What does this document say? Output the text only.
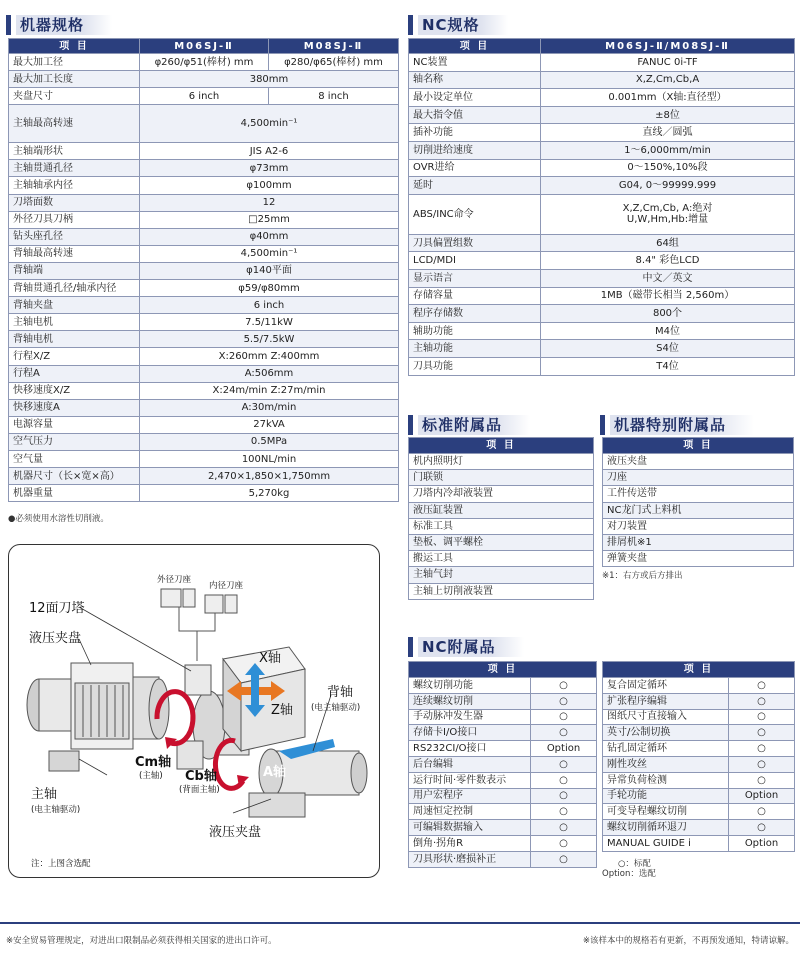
机器规格
项 目	M06SJ-Ⅱ	M08SJ-Ⅱ
最大加工径	φ260/φ51(棒材) mm	φ280/φ65(棒材) mm
最大加工长度	380mm	
夹盘尺寸	6 inch	8 inch
主轴最高转速	4,500min⁻¹	
主轴端形状	JIS A2-6	
主轴贯通孔径	φ73mm	
主轴轴承内径	φ100mm	
刀塔面数	12	
外径刀具刀柄	□25mm	
钻头座孔径	φ40mm	
背轴最高转速	4,500min⁻¹	
背轴端	φ140平面	
背轴贯通孔径/轴承内径	φ59/φ80mm	
背轴夹盘	6 inch	
主轴电机	7.5/11kW	
背轴电机	5.5/7.5kW	
行程X/Z	X:260mm Z:400mm	
行程A	A:506mm	
快移速度X/Z	X:24m/min Z:27m/min	
快移速度A	A:30m/min	
电源容量	27kVA	
空气压力	0.5MPa	
空气量	100NL/min	
机器尺寸（长×宽×高）	2,470×1,850×1,750mm	
机器重量	5,270kg	
●必须使用水溶性切削液。
NC规格
项 目	M06SJ-Ⅱ/M08SJ-Ⅱ
NC装置	FANUC 0i-TF
轴名称	X,Z,Cm,Cb,A
最小设定单位	0.001mm（X轴:直径型）
最大指令值	±8位
插补功能	直线／圆弧
切削进给速度	1〜6,000mm/min
OVR进给	0〜150%,10%段
延时	G04, 0〜99999.999
ABS/INC命令	X,Z,Cm,Cb, A:绝对
U,W,Hm,Hb:增量
刀具偏置组数	64组
LCD/MDI	8.4" 彩色LCD
显示语言	中文／英文
存储容量	1MB（磁带长相当 2,560m）
程序存储数	800个
辅助功能	M4位
主轴功能	S4位
刀具功能	T4位
标准附属品
项 目
机内照明灯
门联锁
刀塔内冷却液装置
液压缸装置
标准工具
垫板、调平螺栓
搬运工具
主轴气封
主轴上切削液装置
机器特别附属品
项 目
液压夹盘
刀座
工件传送带
NC龙门式上料机
对刀装置
排屑机※1
弹簧夹盘
※1：右方或后方排出
NC附属品
项 目	
螺纹切削功能	○
连续螺纹切削	○
手动脉冲发生器	○
存储卡I/O接口	○
RS232CI/O接口	Option
后台编辑	○
运行时间·零件数表示	○
用户宏程序	○
周速恒定控制	○
可编辑数据输入	○
倒角·拐角R	○
刀具形状·磨损补正	○
项 目	
复合固定循环	○
扩张程序编辑	○
图纸尺寸直接输入	○
英寸/公制切换	○
钻孔固定循环	○
刚性攻丝	○
异常负荷检测	○
手轮功能	Option
可变导程螺纹切削	○
螺纹切削循环退刀	○
MANUAL GUIDE i	Option
○：标配
Option：选配
12面刀塔
液压夹盘
外径刀座
内径刀座
X轴
Z轴
背轴
(电主轴驱动)
A轴
Cm轴
(主轴) Cb轴
(背面主轴)
主轴
(电主轴驱动)
液压夹盘
注：上图含选配
※安全贸易管理规定，对进出口限制品必须获得相关国家的进出口许可。	※该样本中的规格若有更新，不再预发通知，特请谅解。
